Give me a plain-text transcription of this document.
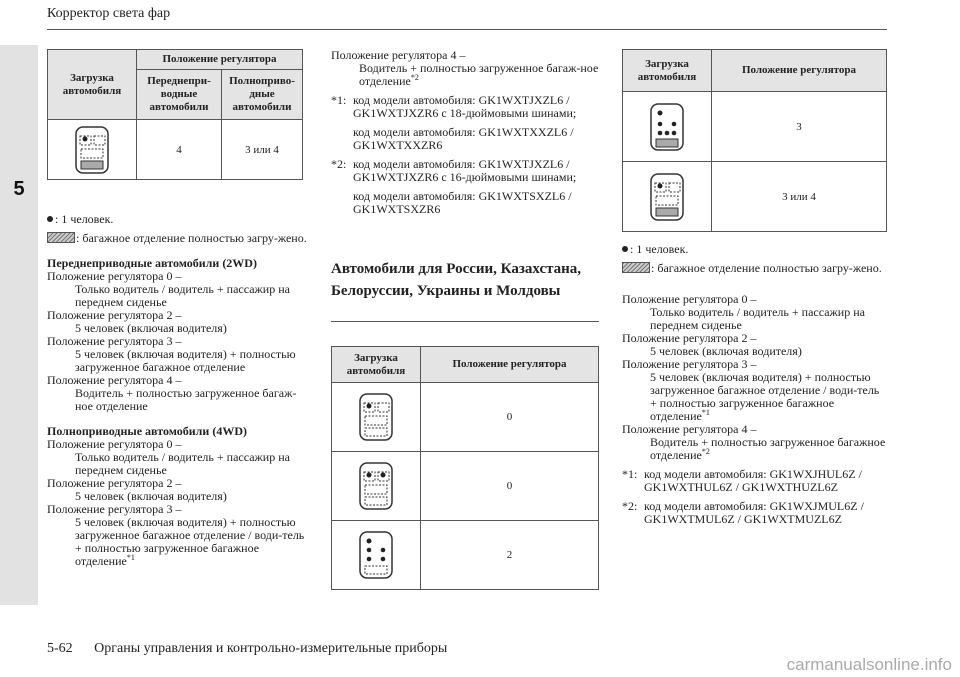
5
Корректор света фар
Загрузка автомобиля	Положение регулятора	
	Переднепри-водные автомобили	Полноприво-дные автомобили

	4	3 или 4

: 1 человек.

: багажное отделение полностью загру-жено.

Переднеприводные автомобили (2WD)

Положение регулятора 0 –

Только водитель / водитель + пассажир на переднем сиденье

Положение регулятора 2 –

5 человек (включая водителя)

Положение регулятора 3 –

5 человек (включая водителя) + полностью загруженное багажное отделение

Положение регулятора 4 –

Водитель + полностью загруженное багаж-ное отделение

Полноприводные автомобили (4WD)

Положение регулятора 0 –

Только водитель / водитель + пассажир на переднем сиденье

Положение регулятора 2 –

5 человек (включая водителя)

Положение регулятора 3 –

5 человек (включая водителя) + полностью загруженное багажное отделение / води-тель + полностью загруженное багажное отделение$^{*1}$

Положение регулятора 4 –

Водитель + полностью загруженное багаж-ное отделение$^{*2}$

*1: код модели автомобиля: GK1WXTJXZL6 / GK1WXTJXZR6 с 18-дюймовыми шинами;

код модели автомобиля: GK1WXTXXZL6 / GK1WXTXXZR6

*2: код модели автомобиля: GK1WXTJXZL6 / GK1WXTJXZR6 с 16-дюймовыми шинами;

код модели автомобиля: GK1WXTSXZL6 / GK1WXTSXZR6

Автомобили для России, Казахстана, Белоруссии, Украины и Молдовы
Загрузка автомобиля	Положение регулятора

	0

	0

	2
Загрузка автомобиля	Положение регулятора

	3

	3 или 4

: 1 человек.

: багажное отделение полностью загру-жено.

Положение регулятора 0 –

Только водитель / водитель + пассажир на переднем сиденье

Положение регулятора 2 –

5 человек (включая водителя)

Положение регулятора 3 –

5 человек (включая водителя) + полностью загруженное багажное отделение / води-тель + полностью загруженное багажное отделение$^{*1}$

Положение регулятора 4 –

Водитель + полностью загруженное багажное отделение$^{*2}$

*1: код модели автомобиля: GK1WXJHUL6Z / GK1WXTHUL6Z / GK1WXTHUZL6Z

*2: код модели автомобиля: GK1WXJMUL6Z / GK1WXTMUL6Z / GK1WXTMUZL6Z

5-62 Органы управления и контрольно-измерительные приборы
carmanualsonline.info
